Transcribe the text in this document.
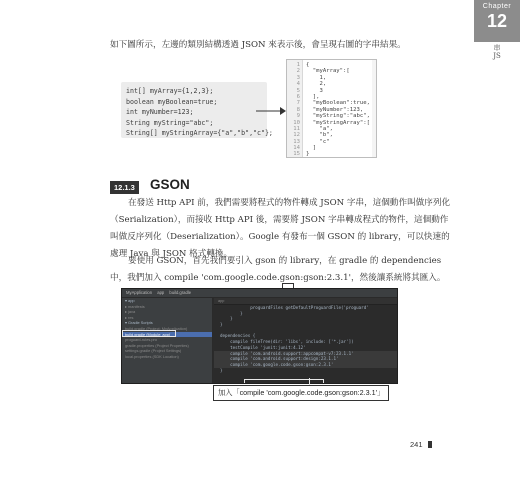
Chapter
12
串 JS
如下圖所示，左邊的類別結構透過 JSON 來表示後，會呈現右圖的字串結果。
int[] myArray={1,2,3};
boolean myBoolean=true;
int myNumber=123;
String myString="abc";
String[] myStringArray={"a","b","c"};
1
2
3
4
5
6
7
8
9
10
11
12
13
14
15
{
"myArray":[
1,
2,
3
],
"myBoolean":true,
"myNumber":123,
"myString":"abc",
"myStringArray":[
"a",
"b",
"c"
]
}
12.1.3 GSON
在發送 Http API 前，我們需要將程式的物件轉成 JSON 字串，這個動作叫做序列化（Serialization），而接收 Http API 後，需要將 JSON 字串轉成程式的物件，這個動作叫做反序列化（Deserialization）。Google 有發布一個 GSON 的 library，可以快速的處理 Java 與 JSON 格式轉換。
要使用 GSON，首先我們要引入 gson 的 library，在 gradle 的 dependencies 中，我們加入 compile 'com.google.code.gson:gson:2.3.1'，然後讓系統將其匯入。
MyApplication app build.gradle
▾ app
▸ manifests
▸ java
▸ res
▾ Gradle Scripts
build.gradle (Project: MyApplication)
build.gradle (Module: app)
proguard-rules.pro
gradle.properties (Project Properties)
settings.gradle (Project Settings)
local.properties (SDK Location)
app
proguardFiles getDefaultProguardFile('proguard'
}
}
}
dependencies {
compile fileTree(dir: 'libs', include: ['*.jar'])
testCompile 'junit:junit:4.12'
compile 'com.android.support:appcompat-v7:23.1.1'
compile 'com.android.support:design:23.1.1'
compile 'com.google.code.gson:gson:2.3.1'
}
加入「compile 'com.google.code.gson:gson:2.3.1'」
241
